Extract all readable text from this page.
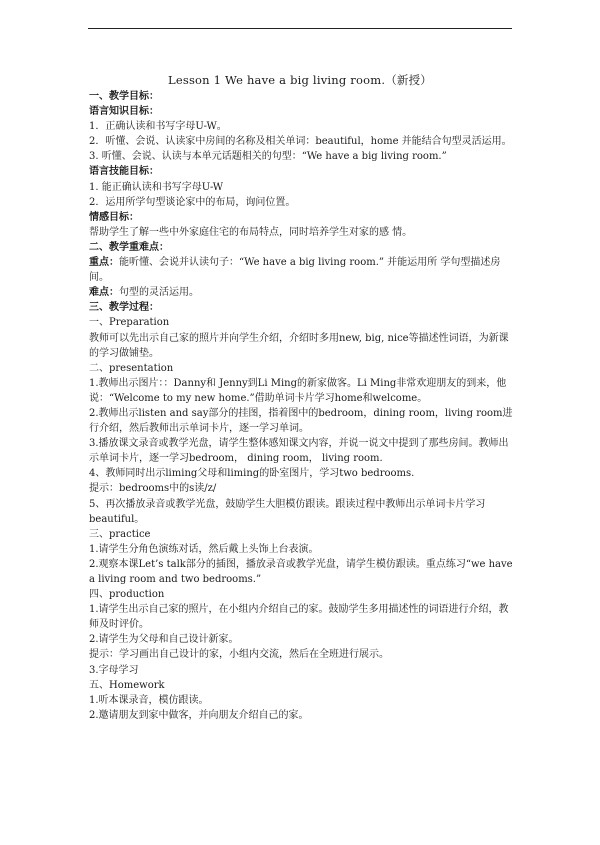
Lesson 1 We have a big living room.（新授）
一、教学目标：
语言知识目标：
1．正确认读和书写字母U-W。
2．听懂、会说、认读家中房间的名称及相关单词：beautiful，home 并能结合句型灵活运用。
3. 听懂、会说、认读与本单元话题相关的句型：“We have a big living room.”
语言技能目标：
1. 能正确认读和书写字母U-W
2．运用所学句型谈论家中的布局，询问位置。
情感目标：
帮助学生了解一些中外家庭住宅的布局特点，同时培养学生对家的感 情。
二、教学重难点：
重点：能听懂、会说并认读句子：“We have a big living room.” 并能运用所 学句型描述房间。
难点：句型的灵活运用。
三、教学过程：
一、Preparation
教师可以先出示自己家的照片并向学生介绍，介绍时多用new, big, nice等描述性词语，为新课的学习做铺垫。
二、presentation
1.教师出示图片：：Danny和 Jenny到Li Ming的新家做客。Li Ming非常欢迎朋友的到来，他说：“Welcome to my new home.”借助单词卡片学习home和welcome。
2.教师出示listen and say部分的挂图，指着图中的bedroom，dining room，living room进行介绍，然后教师出示单词卡片，逐一学习单词。
3.播放课文录音或教学光盘，请学生整体感知课文内容，并说一说文中提到了那些房间。教师出示单词卡片，逐一学习bedroom， dining room， living room.
4、教师同时出示liming父母和liming的卧室图片，学习two bedrooms.
提示：bedrooms中的s读/z/
5、再次播放录音或教学光盘，鼓励学生大胆模仿跟读。跟读过程中教师出示单词卡片学习beautiful。
三、practice
1.请学生分角色演练对话，然后戴上头饰上台表演。
2.观察本课Let’s talk部分的插图，播放录音或教学光盘，请学生模仿跟读。重点练习“we have a living room and two bedrooms.”
四、production
1.请学生出示自己家的照片，在小组内介绍自己的家。鼓励学生多用描述性的词语进行介绍，教师及时评价。
2.请学生为父母和自己设计新家。
提示：学习画出自己设计的家，小组内交流，然后在全班进行展示。
3.字母学习
五、Homework
1.听本课录音，模仿跟读。
2.邀请朋友到家中做客，并向朋友介绍自己的家。
